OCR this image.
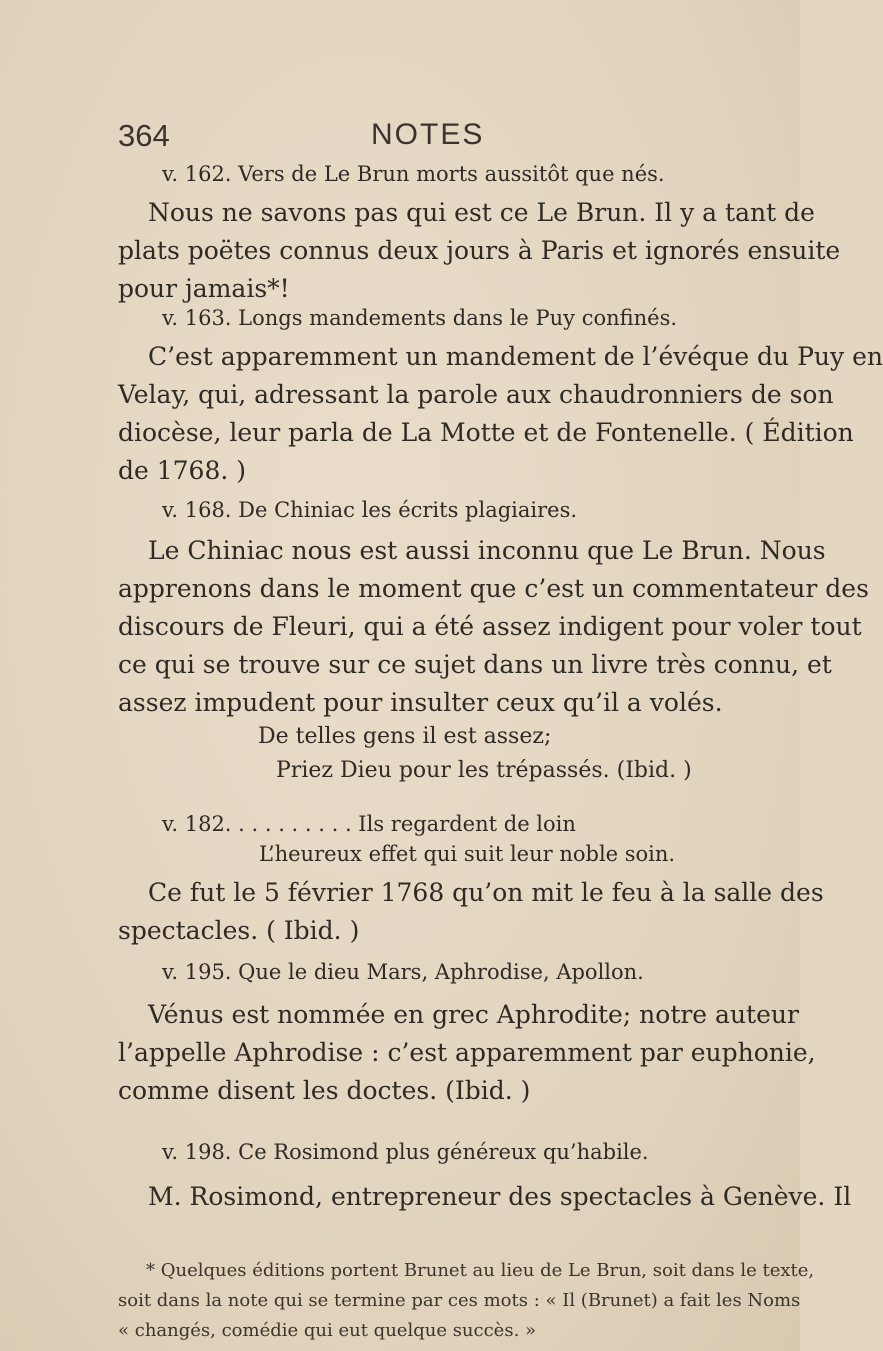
364	NOTES
v. 162. Vers de Le Brun morts aussitôt que nés.
Nous ne savons pas qui est ce Le Brun. Il y a tant de
plats poëtes connus deux jours à Paris et ignorés ensuite
pour jamais*!
v. 163. Longs mandements dans le Puy confinés.
C’est apparemment un mandement de l’évéque du Puy en
Velay, qui, adressant la parole aux chaudronniers de son
diocèse, leur parla de La Motte et de Fontenelle. ( Édition
de 1768. )
v. 168. De Chiniac les écrits plagiaires.
Le Chiniac nous est aussi inconnu que Le Brun. Nous
apprenons dans le moment que c’est un commentateur des
discours de Fleuri, qui a été assez indigent pour voler tout
ce qui se trouve sur ce sujet dans un livre très connu, et
assez impudent pour insulter ceux qu’il a volés.
De telles gens il est assez;
Priez Dieu pour les trépassés. (Ibid. )
v. 182. . . . . . . . . . Ils regardent de loin
L’heureux effet qui suit leur noble soin.
Ce fut le 5 février 1768 qu’on mit le feu à la salle des
spectacles. ( Ibid. )
v. 195. Que le dieu Mars, Aphrodise, Apollon.
Vénus est nommée en grec Aphrodite; notre auteur
l’appelle Aphrodise : c’est apparemment par euphonie,
comme disent les doctes. (Ibid. )
v. 198. Ce Rosimond plus généreux qu’habile.
M. Rosimond, entrepreneur des spectacles à Genève. Il
* Quelques éditions portent Brunet au lieu de Le Brun, soit dans le texte,
soit dans la note qui se termine par ces mots : « Il (Brunet) a fait les Noms
« changés, comédie qui eut quelque succès. »
